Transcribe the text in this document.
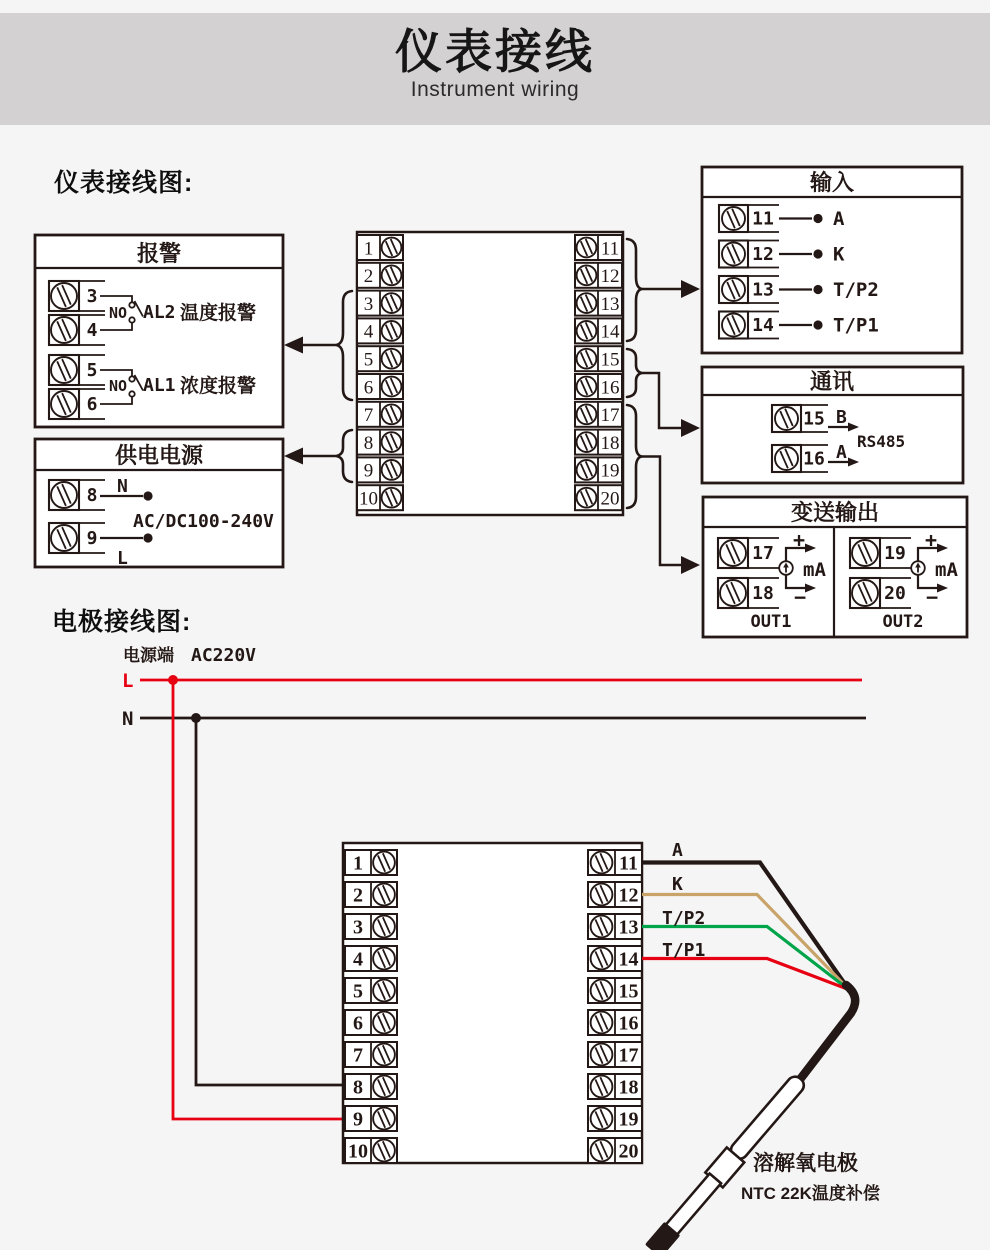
仪表接线

Instrument wiring

仪表接线图:
电极接线图:
报警
3
4
5
6
NO AL2 温度报警
NO AL1 浓度报警
供电电源
8
9
N
AC/DC100-240V
L
1
2
3
4
5
6
7
8
9
10
11
12
13
14
15
16
17
18
19
20
输入
11
12
13
14
A
K
T/P2
T/P1
通讯
15
16
B
A
RS485
变送输出
17
18
19
20
+
mA
−
OUT1
+
mA
−
OUT2
电源端 AC220V
L
N
1
2
3
4
5
6
7
8
9
10
11
12
13
14
15
16
17
18
19
20
A
K
T/P2
T/P1
溶解氧电极
NTC 22K温度补偿
